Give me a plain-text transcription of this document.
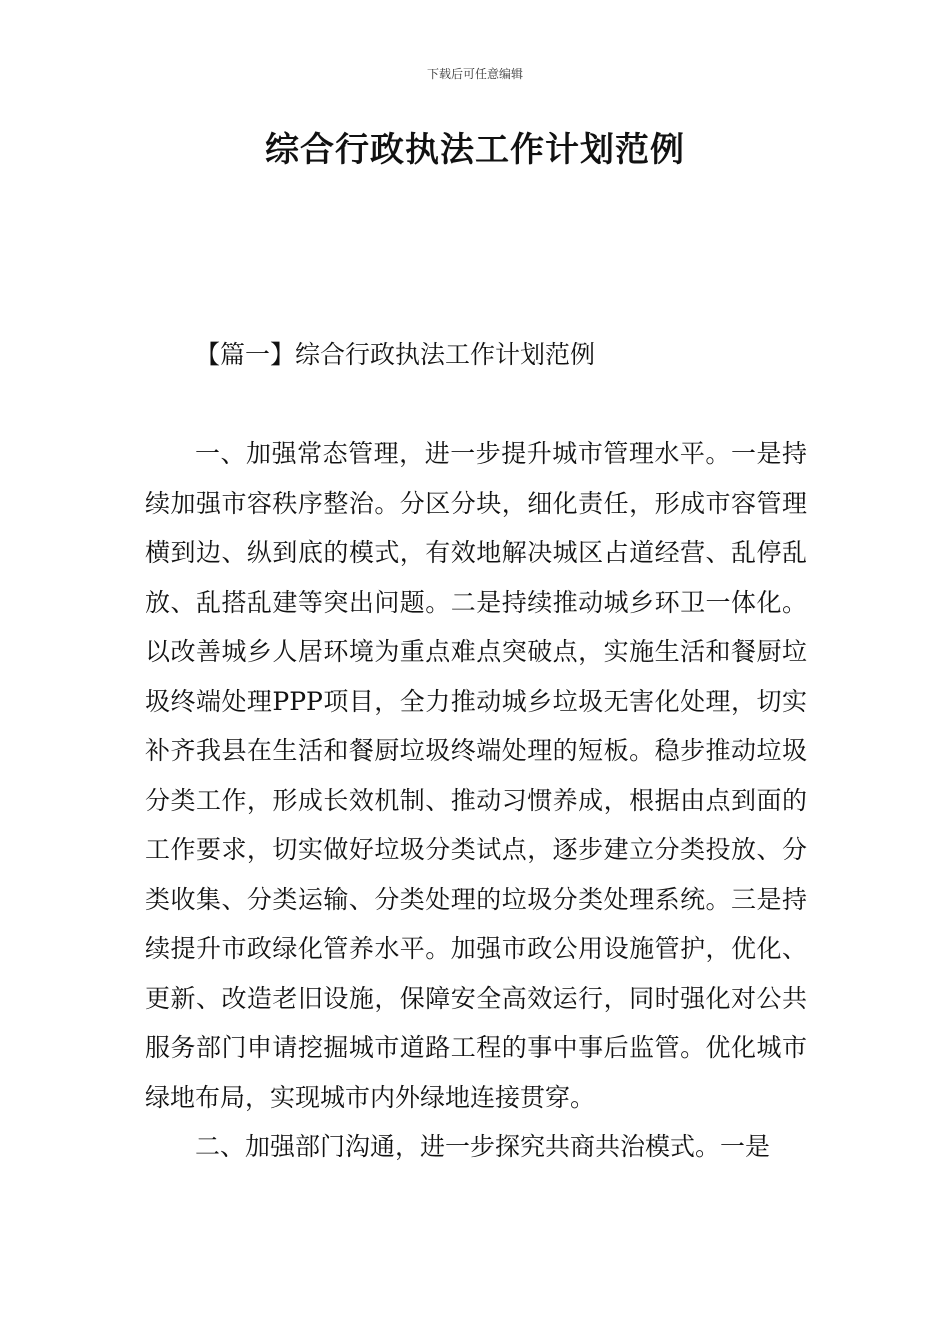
下载后可任意编辑
综合行政执法工作计划范例

【篇一】综合行政执法工作计划范例

一、加强常态管理，进一步提升城市管理水平。一是持续加强市容秩序整治。分区分块，细化责任，形成市容管理横到边、纵到底的模式，有效地解决城区占道经营、乱停乱放、乱搭乱建等突出问题。二是持续推动城乡环卫一体化。以改善城乡人居环境为重点难点突破点，实施生活和餐厨垃圾终端处理PPP项目，全力推动城乡垃圾无害化处理，切实补齐我县在生活和餐厨垃圾终端处理的短板。稳步推动垃圾分类工作，形成长效机制、推动习惯养成，根据由点到面的工作要求，切实做好垃圾分类试点，逐步建立分类投放、分类收集、分类运输、分类处理的垃圾分类处理系统。三是持续提升市政绿化管养水平。加强市政公用设施管护，优化、更新、改造老旧设施，保障安全高效运行，同时强化对公共服务部门申请挖掘城市道路工程的事中事后监管。优化城市绿地布局，实现城市内外绿地连接贯穿。

二、加强部门沟通，进一步探究共商共治模式。一是
